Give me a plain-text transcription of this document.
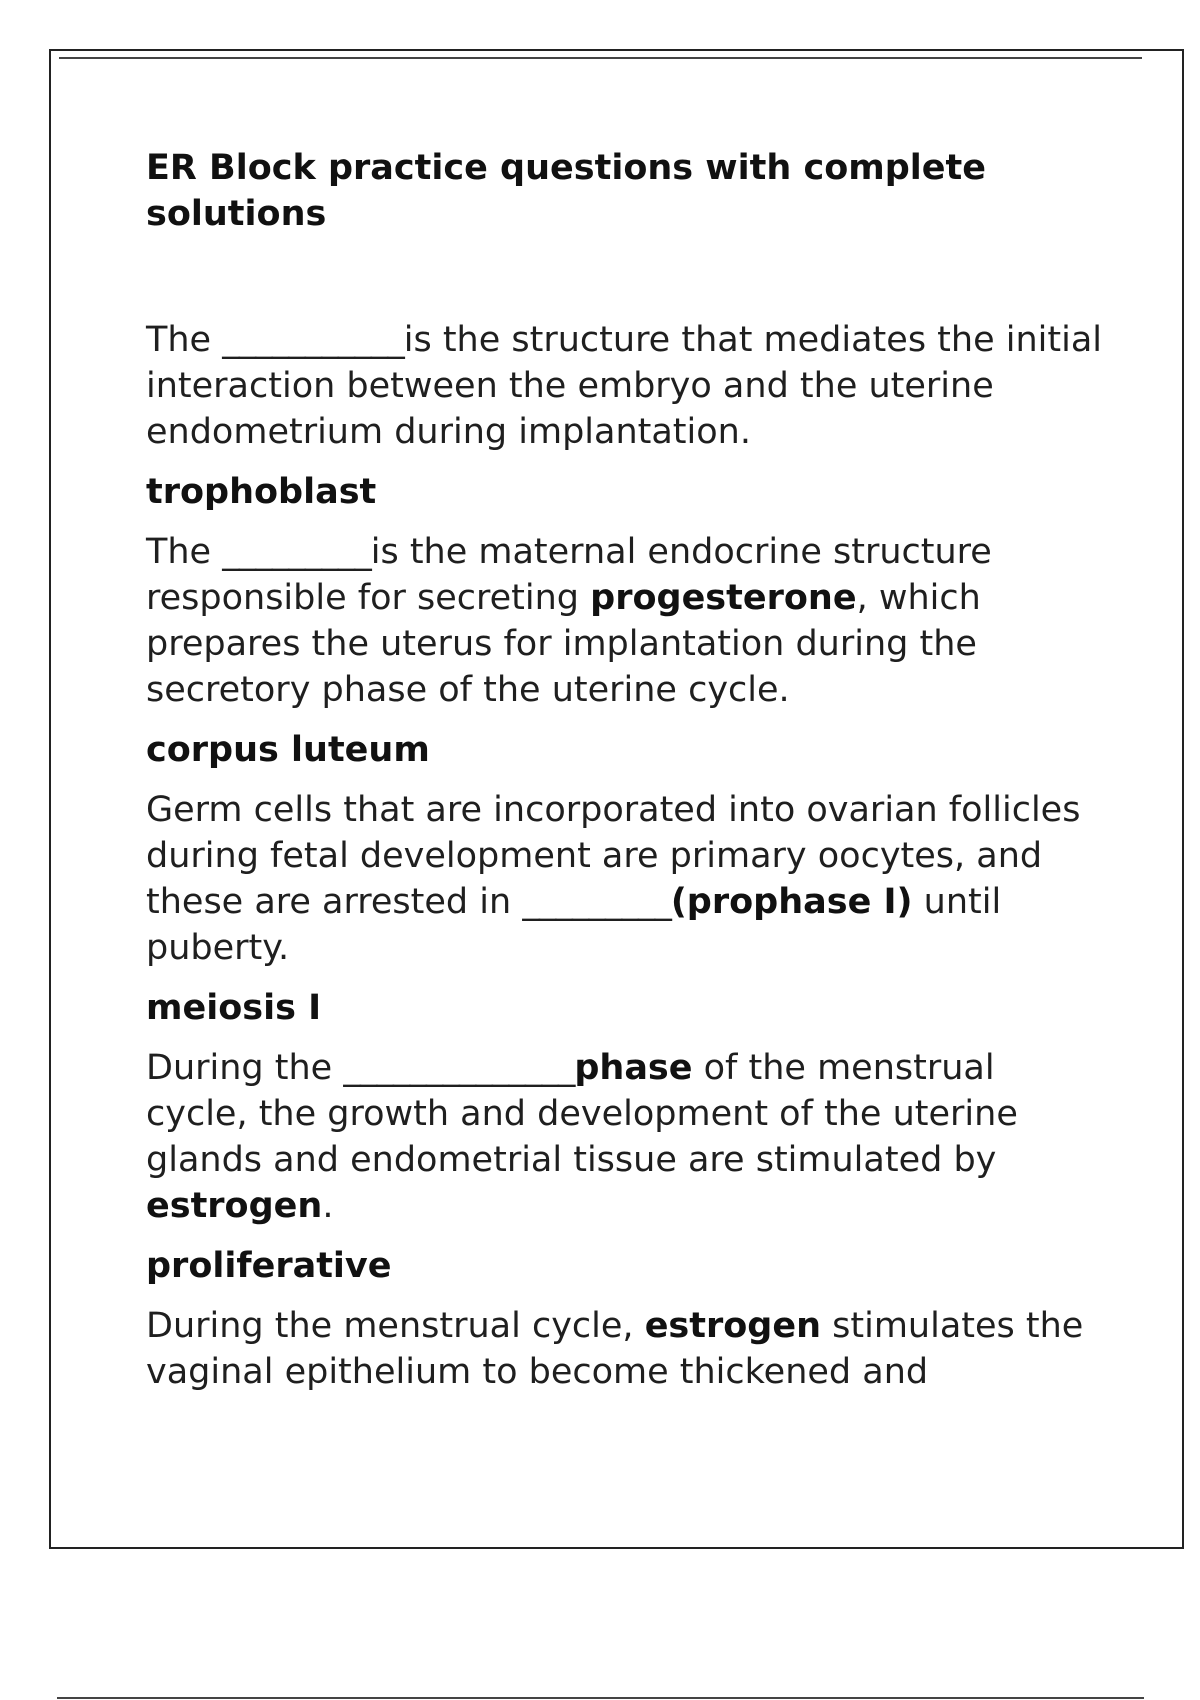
ER Block practice questions with complete solutions

The ___________is the structure that mediates the initial interaction between the embryo and the uterine endometrium during implantation.

trophoblast

The _________is the maternal endocrine structure responsible for secreting progesterone, which prepares the uterus for implantation during the secretory phase of the uterine cycle.

corpus luteum

Germ cells that are incorporated into ovarian follicles during fetal development are primary oocytes, and these are arrested in _________(prophase I) until puberty.

meiosis I

During the ______________phase of the menstrual cycle, the growth and development of the uterine glands and endometrial tissue are stimulated by estrogen.

proliferative

During the menstrual cycle, estrogen stimulates the vaginal epithelium to become thickened and
